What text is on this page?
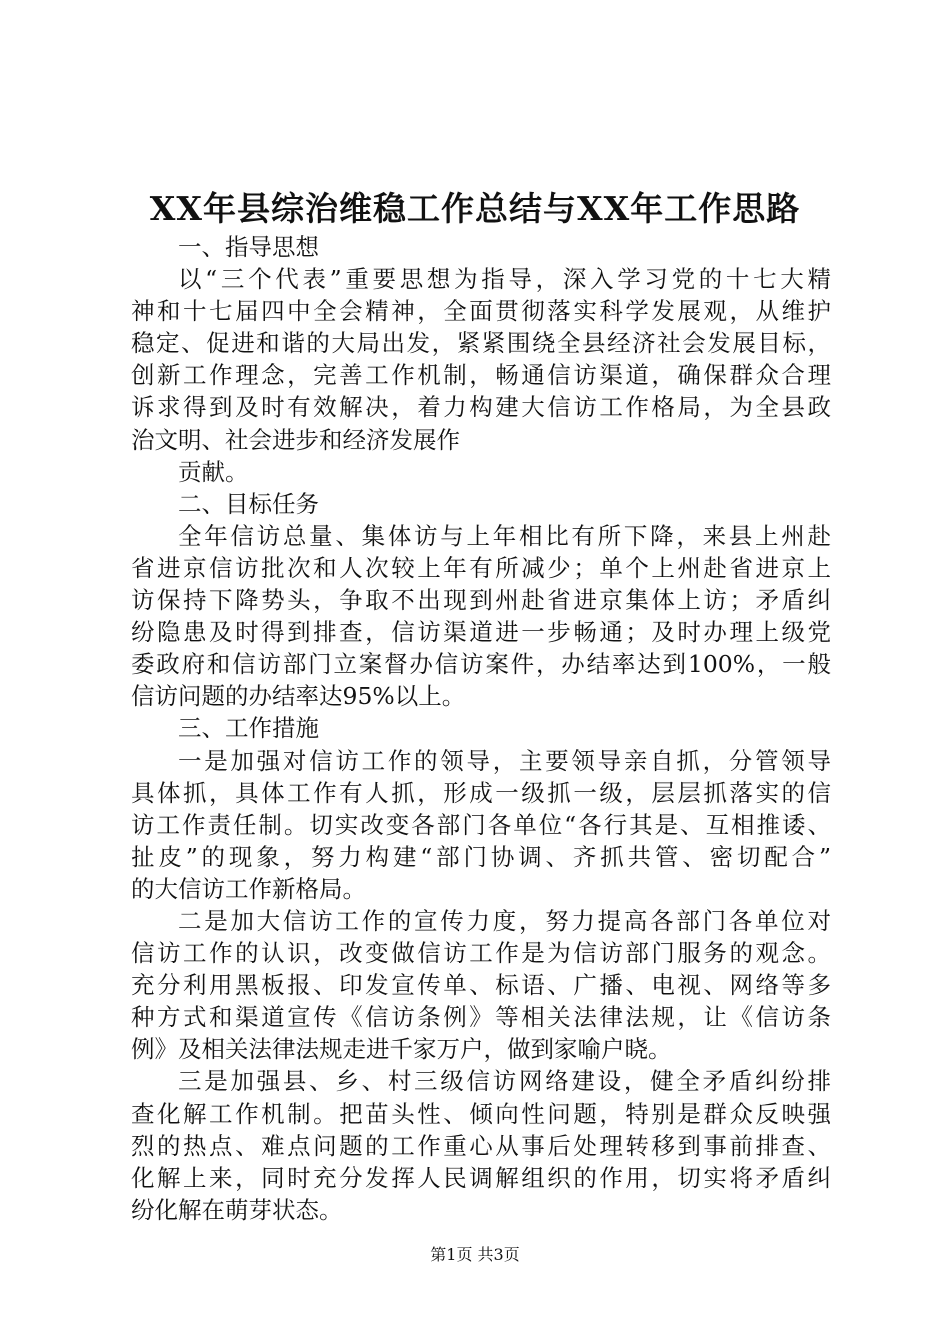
XX年县综治维稳工作总结与XX年工作思路
一、指导思想
以“三个代表”重要思想为指导，深入学习党的十七大精
神和十七届四中全会精神，全面贯彻落实科学发展观，从维护
稳定、促进和谐的大局出发，紧紧围绕全县经济社会发展目标，
创新工作理念，完善工作机制，畅通信访渠道，确保群众合理
诉求得到及时有效解决，着力构建大信访工作格局，为全县政
治文明、社会进步和经济发展作
贡献。
二、目标任务
全年信访总量、集体访与上年相比有所下降，来县上州赴
省进京信访批次和人次较上年有所减少；单个上州赴省进京上
访保持下降势头，争取不出现到州赴省进京集体上访；矛盾纠
纷隐患及时得到排查，信访渠道进一步畅通；及时办理上级党
委政府和信访部门立案督办信访案件，办结率达到100%，一般
信访问题的办结率达95%以上。
三、工作措施
一是加强对信访工作的领导，主要领导亲自抓，分管领导
具体抓，具体工作有人抓，形成一级抓一级，层层抓落实的信
访工作责任制。切实改变各部门各单位“各行其是、互相推诿、
扯皮”的现象，努力构建“部门协调、齐抓共管、密切配合”
的大信访工作新格局。
二是加大信访工作的宣传力度，努力提高各部门各单位对
信访工作的认识，改变做信访工作是为信访部门服务的观念。
充分利用黑板报、印发宣传单、标语、广播、电视、网络等多
种方式和渠道宣传《信访条例》等相关法律法规，让《信访条
例》及相关法律法规走进千家万户，做到家喻户晓。
三是加强县、乡、村三级信访网络建设，健全矛盾纠纷排
查化解工作机制。把苗头性、倾向性问题，特别是群众反映强
烈的热点、难点问题的工作重心从事后处理转移到事前排查、
化解上来，同时充分发挥人民调解组织的作用，切实将矛盾纠
纷化解在萌芽状态。
第1页 共3页
